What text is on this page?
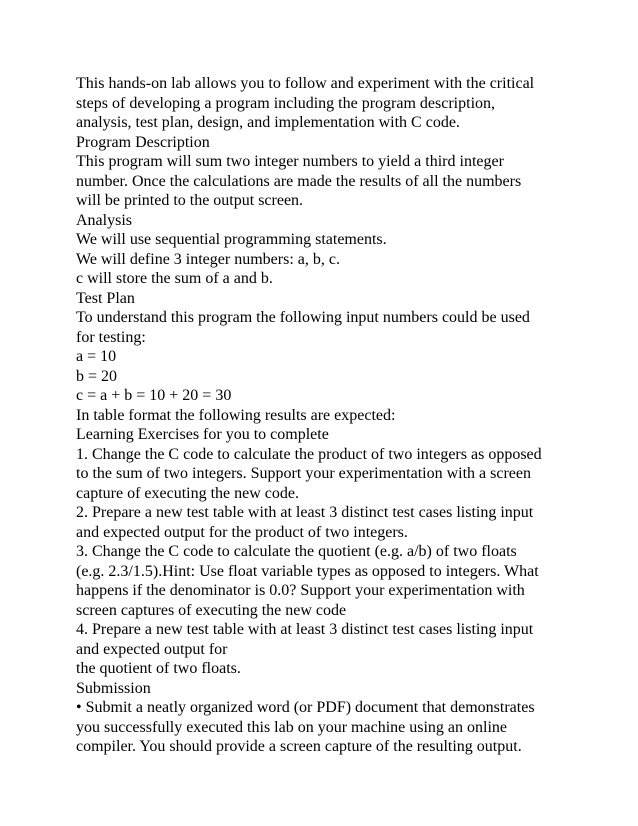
This hands-on lab allows you to follow and experiment with the critical
steps of developing a program including the program description,
analysis, test plan, design, and implementation with C code.
Program Description
This program will sum two integer numbers to yield a third integer
number. Once the calculations are made the results of all the numbers
will be printed to the output screen.
Analysis
We will use sequential programming statements.
We will define 3 integer numbers: a, b, c.
c will store the sum of a and b.
Test Plan
To understand this program the following input numbers could be used
for testing:
a = 10
b = 20
c = a + b = 10 + 20 = 30
In table format the following results are expected:
Learning Exercises for you to complete
1. Change the C code to calculate the product of two integers as opposed
to the sum of two integers. Support your experimentation with a screen
capture of executing the new code.
2. Prepare a new test table with at least 3 distinct test cases listing input
and expected output for the product of two integers.
3. Change the C code to calculate the quotient (e.g. a/b) of two floats
(e.g. 2.3/1.5).Hint: Use float variable types as opposed to integers. What
happens if the denominator is 0.0? Support your experimentation with
screen captures of executing the new code
4. Prepare a new test table with at least 3 distinct test cases listing input
and expected output for
the quotient of two floats.
Submission
• Submit a neatly organized word (or PDF) document that demonstrates
you successfully executed this lab on your machine using an online
compiler. You should provide a screen capture of the resulting output.
